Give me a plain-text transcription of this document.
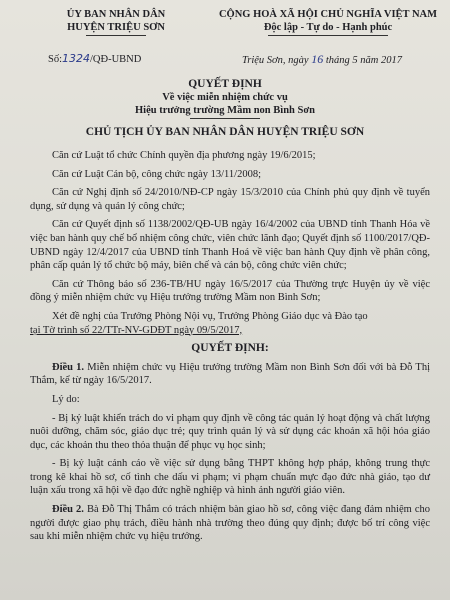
ỦY BAN NHÂN DÂN
HUYỆN TRIỆU SƠN
CỘNG HOÀ XÃ HỘI CHỦ NGHĨA VIỆT NAM
Độc lập - Tự do - Hạnh phúc
Số:1324/QĐ-UBND	Triệu Sơn, ngày 16 tháng 5 năm 2017
QUYẾT ĐỊNH
Về việc miễn nhiệm chức vụ
Hiệu trưởng trường Mầm non Bình Sơn
CHỦ TỊCH ỦY BAN NHÂN DÂN HUYỆN TRIỆU SƠN

Căn cứ Luật tổ chức Chính quyền địa phương ngày 19/6/2015;

Căn cứ Luật Cán bộ, công chức ngày 13/11/2008;

Căn cứ Nghị định số 24/2010/NĐ-CP ngày 15/3/2010 của Chính phủ quy định về tuyển dụng, sử dụng và quản lý công chức;

Căn cứ Quyết định số 1138/2002/QĐ-UB ngày 16/4/2002 của UBND tỉnh Thanh Hóa về việc ban hành quy chế bổ nhiệm công chức, viên chức lãnh đạo; Quyết định số 1100/2017/QĐ-UBND ngày 12/4/2017 của UBND tỉnh Thanh Hoá về việc ban hành Quy định về phân công, phân cấp quản lý tổ chức bộ máy, biên chế và cán bộ, công chức viên chức;

Căn cứ Thông báo số 236-TB/HU ngày 16/5/2017 của Thường trực Huyện ủy về việc đồng ý miễn nhiệm chức vụ Hiệu trưởng trường Mầm non Bình Sơn;

Xét đề nghị của Trưởng Phòng Nội vụ, Trưởng Phòng Giáo dục và Đào tạo
tại Tờ trình số 22/TTr-NV-GDĐT ngày 09/5/2017,

QUYẾT ĐỊNH:

Điều 1. Miễn nhiệm chức vụ Hiệu trưởng trường Mầm non Bình Sơn đối với bà Đỗ Thị Thắm, kể từ ngày 16/5/2017.

Lý do:

- Bị kỷ luật khiển trách do vi phạm quy định về công tác quản lý hoạt động và chất lượng nuôi dưỡng, chăm sóc, giáo dục trẻ; quy trình quản lý và sử dụng các khoản xã hội hóa giáo dục, các khoản thu theo thỏa thuận để phục vụ học sinh;

- Bị kỷ luật cảnh cáo về việc sử dụng bằng THPT không hợp pháp, không trung thực trong kê khai hồ sơ, cố tình che dấu vi phạm; vi phạm chuẩn mực đạo đức nhà giáo, tạo dư luận xấu trong xã hội về đạo đức nghề nghiệp và hình ảnh người giáo viên.

Điều 2. Bà Đỗ Thị Thắm có trách nhiệm bàn giao hồ sơ, công việc đang đảm nhiệm cho người được giao phụ trách, điều hành nhà trường theo đúng quy định; được bố trí công việc sau khi miễn nhiệm chức vụ hiệu trưởng.
